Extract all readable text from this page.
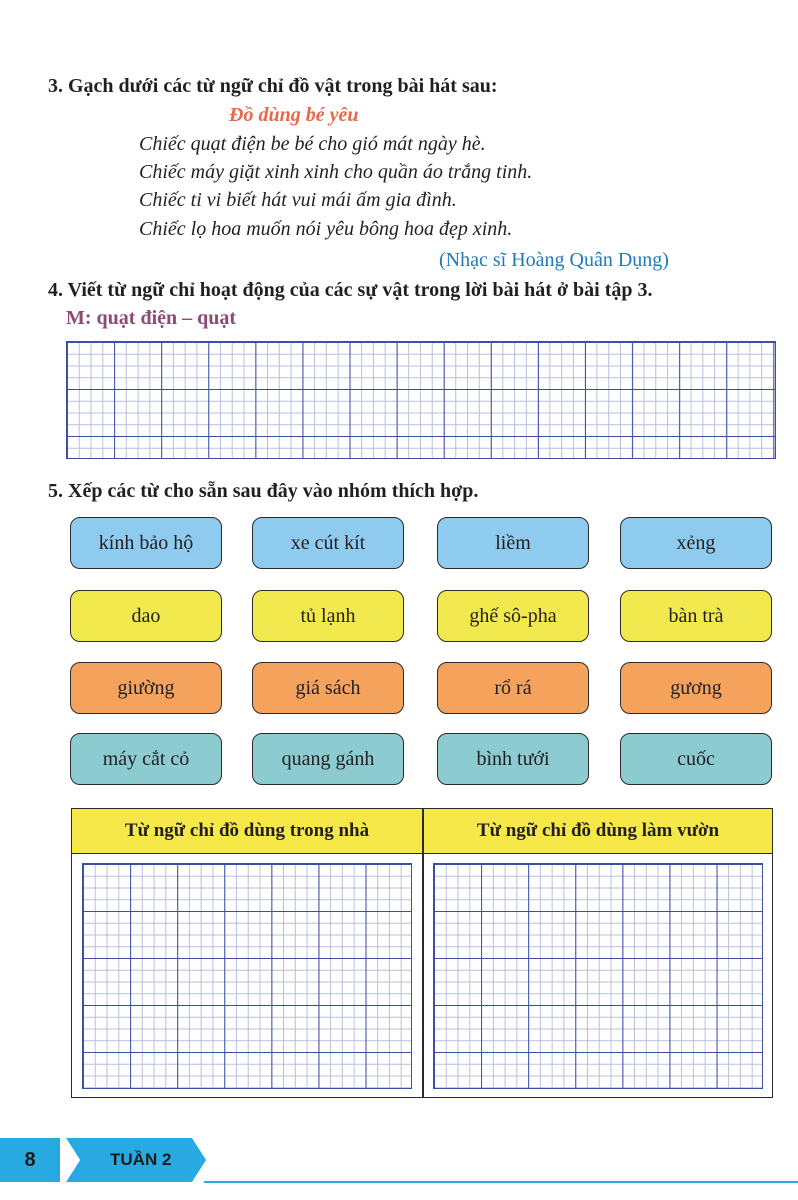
3. Gạch dưới các từ ngữ chỉ đồ vật trong bài hát sau:
Đồ dùng bé yêu
Chiếc quạt điện be bé cho gió mát ngày hè.
Chiếc máy giặt xinh xinh cho quần áo trắng tinh.
Chiếc ti vi biết hát vui mái ấm gia đình.
Chiếc lọ hoa muốn nói yêu bông hoa đẹp xinh.
(Nhạc sĩ Hoàng Quân Dụng)
4. Viết từ ngữ chỉ hoạt động của các sự vật trong lời bài hát ở bài tập 3.
M: quạt điện – quạt
5. Xếp các từ cho sẵn sau đây vào nhóm thích hợp.
kính bảo hộ	xe cút kít	liềm	xẻng
dao	tủ lạnh	ghế sô-pha	bàn trà
giường	giá sách	rổ rá	gương
máy cắt cỏ	quang gánh	bình tưới	cuốc
Từ ngữ chỉ đồ dùng trong nhà	Từ ngữ chỉ đồ dùng làm vườn
8	TUẦN 2
